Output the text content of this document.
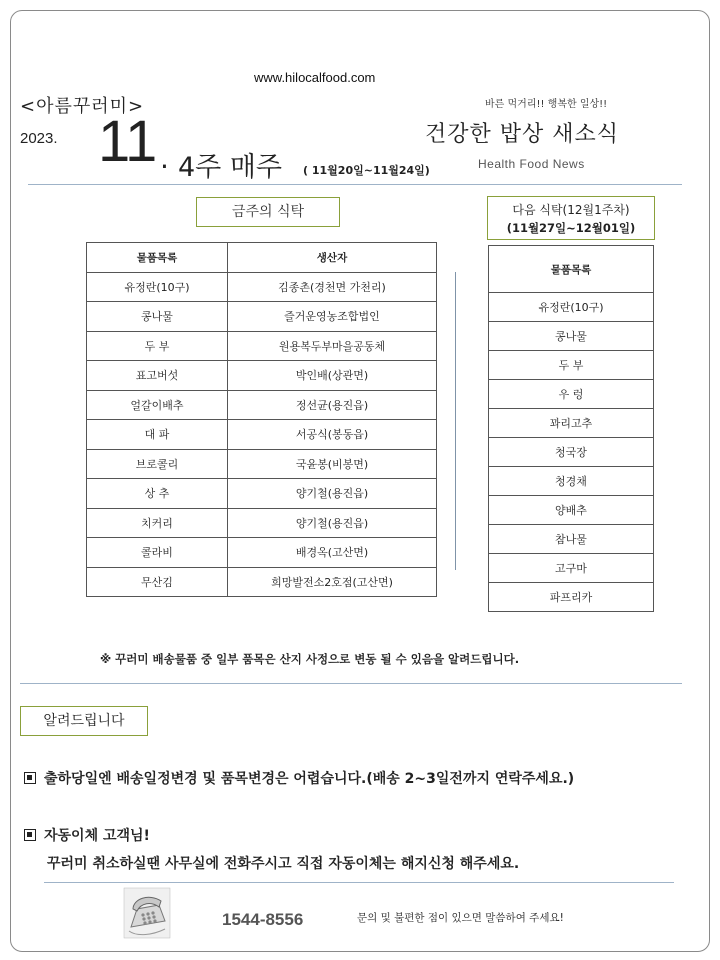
www.hilocalfood.com
<아름꾸러미>	바른 먹거리!! 행복한 일상!!
2023. 11 . 4주 매주 ( 11월20일~11월24일)
건강한 밥상 새소식
Health Food News
금주의 식탁	다음 식탁(12월1주차)
(11월27일~12월01일)
물품목록	생산자
유정란(10구)	김종촌(경천면 가천리)
콩나물	즐거운영농조합법인
두 부	원용복두부마을공동체
표고버섯	박인배(상관면)
얼갈이배추	정선균(용진읍)
대 파	서공식(봉동읍)
브로콜리	국윤봉(비봉면)
상 추	양기철(용진읍)
치커리	양기철(용진읍)
콜라비	배경옥(고산면)
무산김	희망발전소2호점(고산면)
물품목록
유정란(10구)
콩나물
두 부
우 렁
꽈리고추
청국장
청경채
양배추
참나물
고구마
파프리카
※ 꾸러미 배송물품 중 일부 품목은 산지 사정으로 변동 될 수 있음을 알려드립니다.
알려드립니다
출하당일엔 배송일정변경 및 품목변경은 어렵습니다.(배송 2~3일전까지 연락주세요.)
자동이체 고객님!
꾸러미 취소하실땐 사무실에 전화주시고 직접 자동이체는 해지신청 해주세요.
1544-8556	문의 및 불편한 점이 있으면 말씀하여 주세요!
